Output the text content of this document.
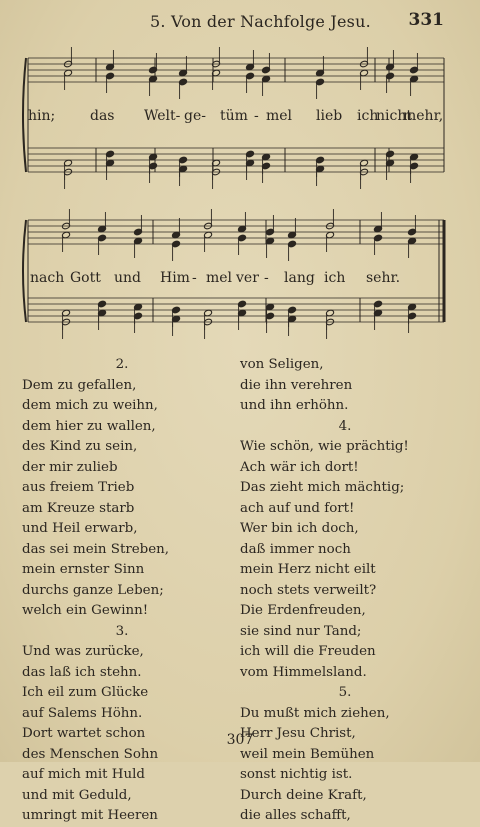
5. Von der Nachfolge Jesu. 331
hin; das Welt- ge- tüm - mel lieb ich
nicht
mehr,
nach Gott und Him - mel ver - lang ich sehr.
2.
Dem zu gefallen,
dem mich zu weihn,
dem hier zu wallen,
des Kind zu sein,
der mir zulieb
aus freiem Trieb
am Kreuze starb
und Heil erwarb,
das sei mein Streben,
mein ernster Sinn
durchs ganze Leben;
welch ein Gewinn!
3.
Und was zurücke,
das laß ich stehn.
Ich eil zum Glücke
auf Salems Höhn.
Dort wartet schon
des Menschen Sohn
auf mich mit Huld
und mit Geduld,
umringt mit Heeren
von Seligen,
die ihn verehren
und ihn erhöhn.
4.
Wie schön, wie prächtig!
Ach wär ich dort!
Das zieht mich mächtig;
ach auf und fort!
Wer bin ich doch,
daß immer noch
mein Herz nicht eilt
noch stets verweilt?
Die Erdenfreuden,
sie sind nur Tand;
ich will die Freuden
vom Himmelsland.
5.
Du mußt mich ziehen,
Herr Jesu Christ,
weil mein Bemühen
sonst nichtig ist.
Durch deine Kraft,
die alles schafft,
307
